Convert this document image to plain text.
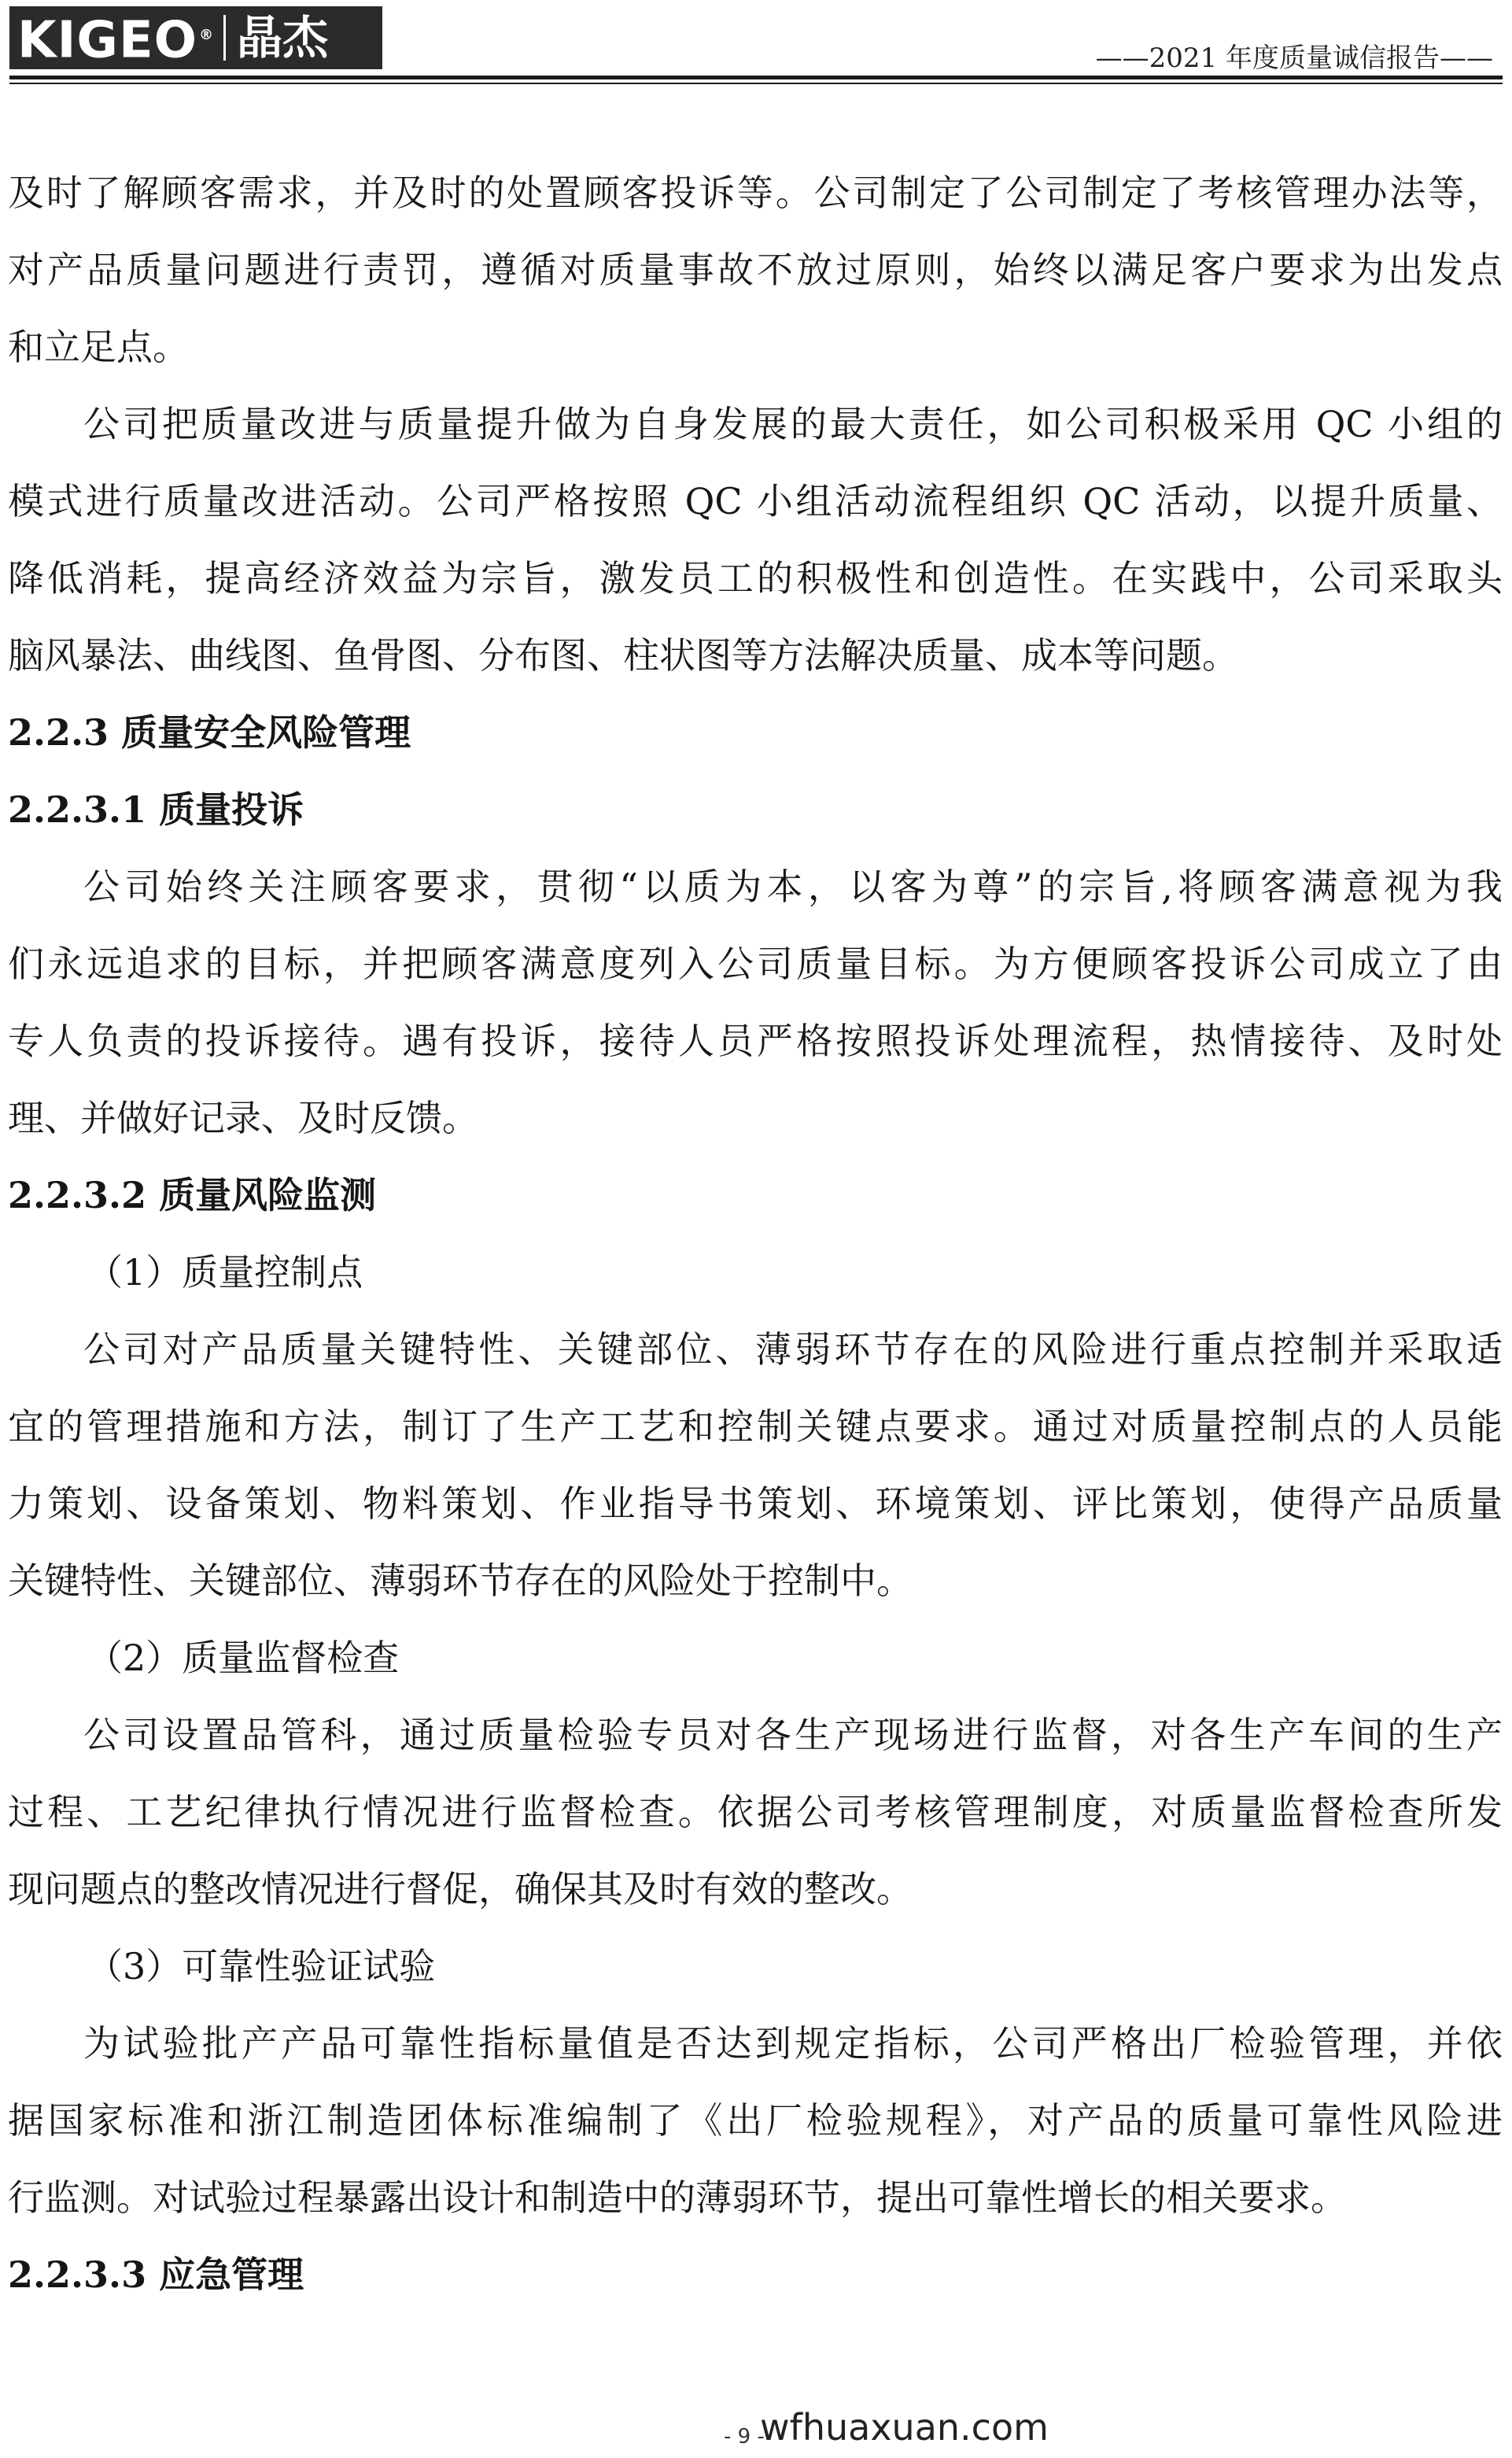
KIGEO ® 晶杰	——2021 年度质量诚信报告——
及时了解顾客需求，并及时的处置顾客投诉等。公司制定了公司制定了考核管理办法等，
对产品质量问题进行责罚，遵循对质量事故不放过原则，始终以满足客户要求为出发点
和立足点。
公司把质量改进与质量提升做为自身发展的最大责任，如公司积极采用 QC 小组的
模式进行质量改进活动。公司严格按照 QC 小组活动流程组织 QC 活动，以提升质量、
降低消耗，提高经济效益为宗旨，激发员工的积极性和创造性。在实践中，公司采取头
脑风暴法、曲线图、鱼骨图、分布图、柱状图等方法解决质量、成本等问题。
2.2.3 质量安全风险管理
2.2.3.1 质量投诉
公司始终关注顾客要求，贯彻“以质为本，以客为尊”的宗旨,将顾客满意视为我
们永远追求的目标，并把顾客满意度列入公司质量目标。为方便顾客投诉公司成立了由
专人负责的投诉接待。遇有投诉，接待人员严格按照投诉处理流程，热情接待、及时处
理、并做好记录、及时反馈。
2.2.3.2 质量风险监测
（1）质量控制点
公司对产品质量关键特性、关键部位、薄弱环节存在的风险进行重点控制并采取适
宜的管理措施和方法，制订了生产工艺和控制关键点要求。通过对质量控制点的人员能
力策划、设备策划、物料策划、作业指导书策划、环境策划、评比策划，使得产品质量
关键特性、关键部位、薄弱环节存在的风险处于控制中。
（2）质量监督检查
公司设置品管科，通过质量检验专员对各生产现场进行监督，对各生产车间的生产
过程、工艺纪律执行情况进行监督检查。依据公司考核管理制度，对质量监督检查所发
现问题点的整改情况进行督促，确保其及时有效的整改。
（3）可靠性验证试验
为试验批产产品可靠性指标量值是否达到规定指标，公司严格出厂检验管理，并依
据国家标准和浙江制造团体标准编制了《出厂检验规程》，对产品的质量可靠性风险进
行监测。对试验过程暴露出设计和制造中的薄弱环节，提出可靠性增长的相关要求。
2.2.3.3 应急管理
- 9 -
wfhuaxuan.com
